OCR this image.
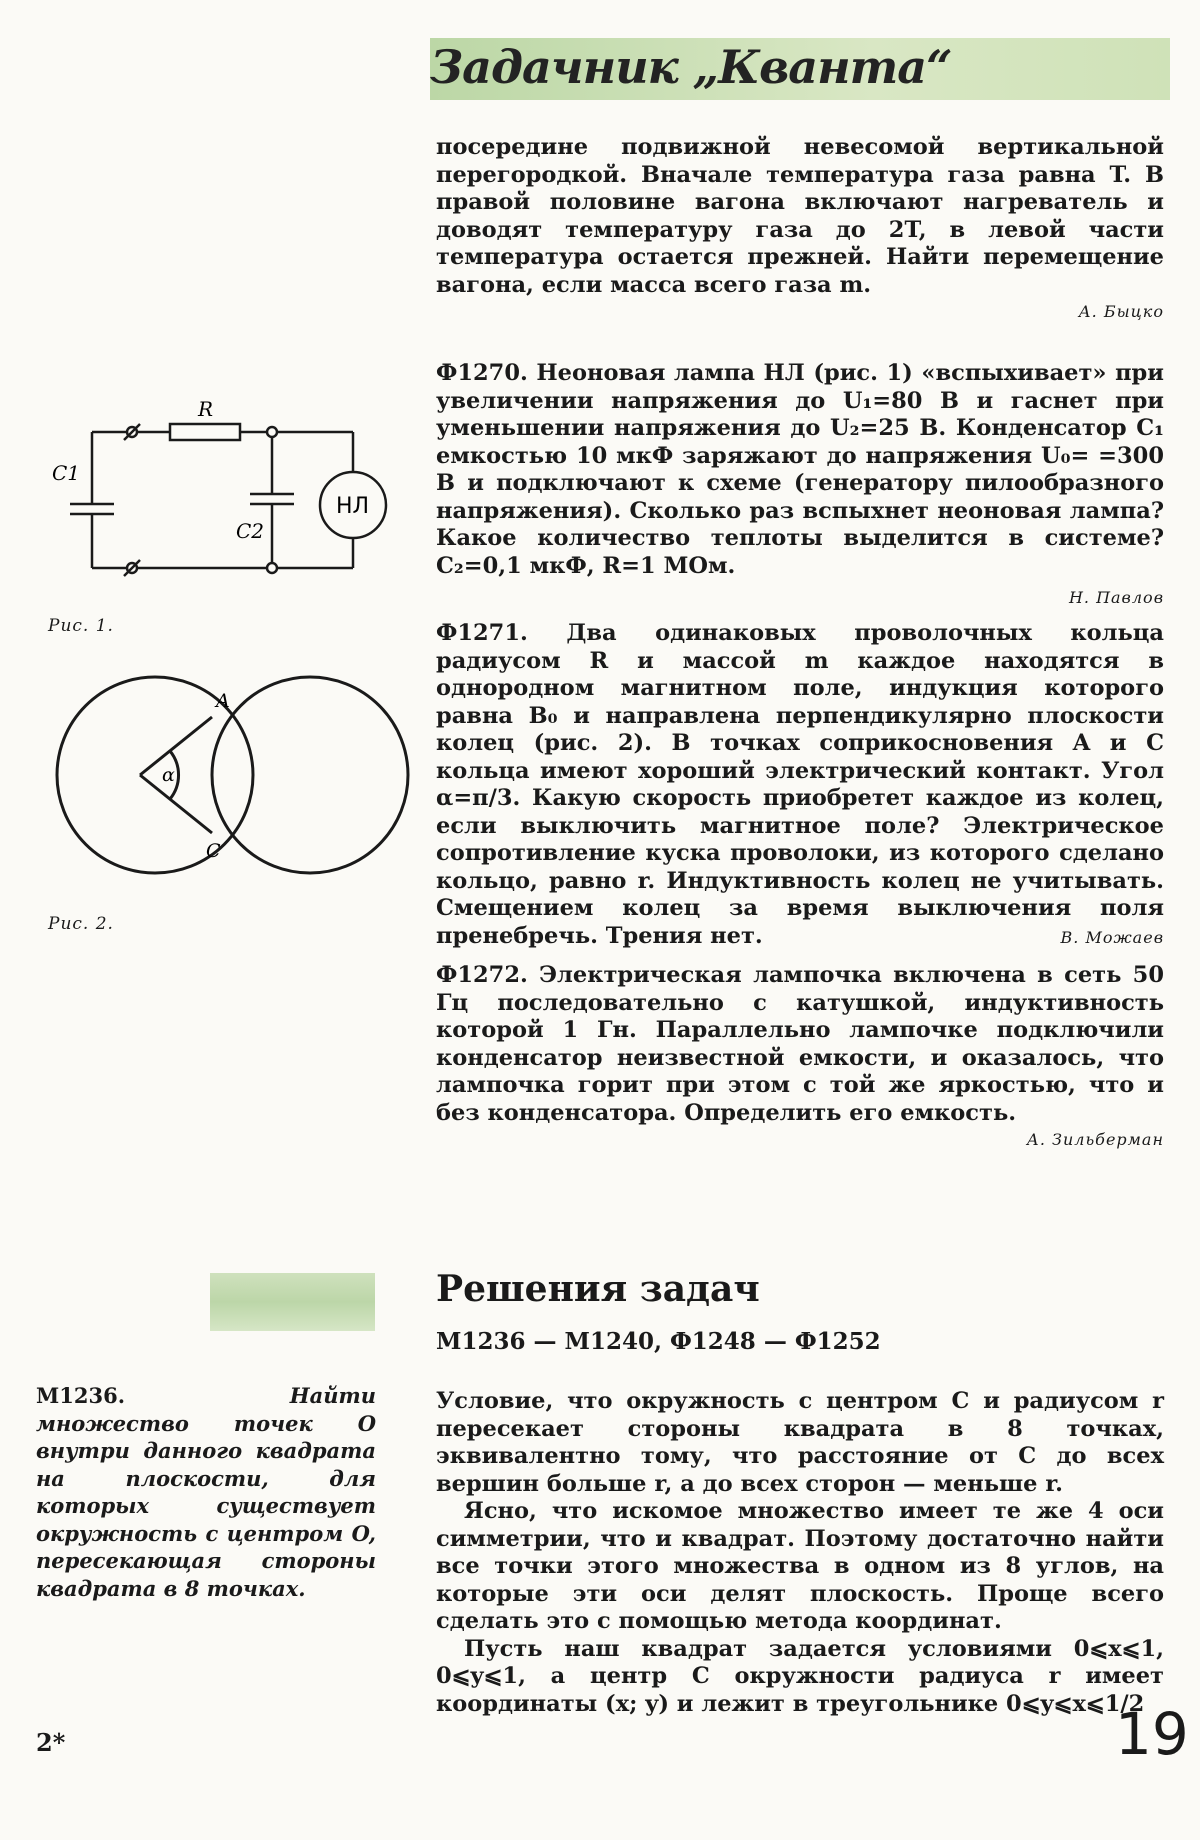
Задачник „Кванта“

посередине подвижной невесомой вертикальной перегородкой. Вначале температура газа равна T. В правой половине вагона включают нагреватель и доводят температуру газа до 2T, в левой части температура остается прежней. Найти перемещение вагона, если масса всего газа m.

А. Быцко

Ф1270. Неоновая лампа НЛ (рис. 1) «вспыхивает» при увеличении напряжения до U₁=80 В и гаснет при уменьшении напряжения до U₂=25 В. Конденсатор C₁ емкостью 10 мкФ заряжают до напряжения U₀= =300 В и подключают к схеме (генератору пилообразного напряжения). Сколько раз вспыхнет неоновая лампа? Какое количество теплоты выделится в системе? C₂=0,1 мкФ, R=1 МОм.

Н. Павлов

Ф1271. Два одинаковых проволочных кольца радиусом R и массой m каждое находятся в однородном магнитном поле, индукция которого равна B₀ и направлена перпендикулярно плоскости колец (рис. 2). В точках соприкосновения A и C кольца имеют хороший электрический контакт. Угол α=π/3. Какую скорость приобретет каждое из колец, если выключить магнитное поле? Электрическое сопротивление куска проволоки, из которого сделано кольцо, равно r. Индуктивность колец не учитывать. Смещением колец за время выключения поля пренебречь. Трения нет.	В. Можаев

Ф1272. Электрическая лампочка включена в сеть 50 Гц последовательно с катушкой, индуктивность которой 1 Гн. Параллельно лампочке подключили конденсатор неизвестной емкости, и оказалось, что лампочка горит при этом с той же яркостью, что и без конденсатора. Определить его емкость.

А. Зильберман
R
C1
C2
НЛ
Рис. 1.
A
C
α
Рис. 2.
Решения задач
М1236 — М1240, Ф1248 — Ф1252
М1236.	Найти множество точек O внутри данного квадрата на плоскости, для которых существует окружность с центром O, пересекающая стороны квадрата в 8 точках.

Условие, что окружность с центром C и радиусом r пересекает стороны квадрата в 8 точках, эквивалентно тому, что расстояние от C до всех вершин больше r, а до всех сторон — меньше r.

Ясно, что искомое множество имеет те же 4 оси симметрии, что и квадрат. Поэтому достаточно найти все точки этого множества в одном из 8 углов, на которые эти оси делят плоскость. Проще всего сделать это с помощью метода координат.

Пусть наш квадрат задается условиями 0⩽x⩽1, 0⩽y⩽1, а центр C окружности радиуса r имеет координаты (x; y) и лежит в треугольнике 0⩽y⩽x⩽1/2

2*	19
